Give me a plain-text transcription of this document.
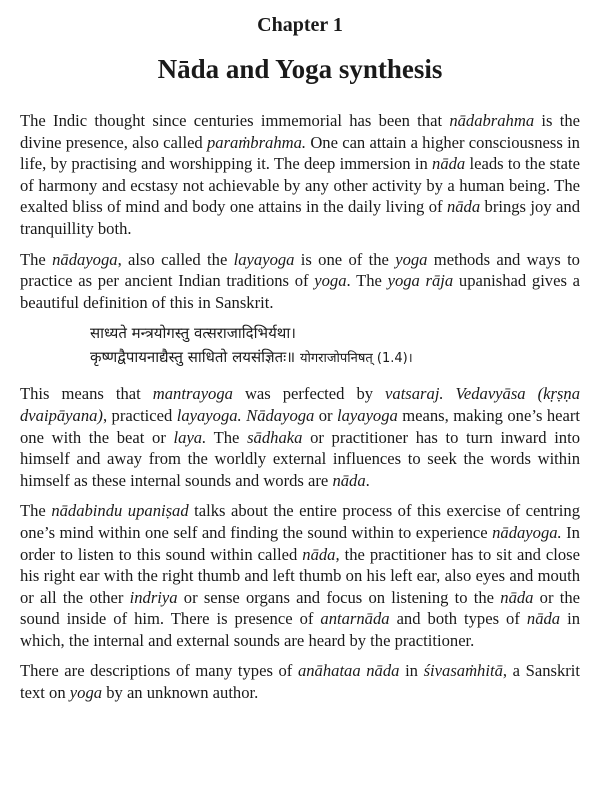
Chapter 1

Nāda and Yoga synthesis

The Indic thought since centuries immemorial has been that nādabrahma is the divine presence, also called paraṁbrahma. One can attain a higher consciousness in life, by practising and worshipping it. The deep immersion in nāda leads to the state of harmony and ecstasy not achievable by any other activity by a human being. The exalted bliss of mind and body one attains in the daily living of nāda brings joy and tranquillity both.

The nādayoga, also called the layayoga is one of the yoga methods and ways to practice as per ancient Indian traditions of yoga. The yoga rāja upanishad gives a beautiful definition of this in Sanskrit.

साध्यते मन्त्रयोगस्तु वत्सराजादिभिर्यथा।
कृष्णद्वैपायनाद्यैस्तु साधितो लयसंज्ञितः॥ योगराजोपनिषत् (1.4)।

This means that mantrayoga was perfected by vatsaraj. Vedavyāsa (kṛṣṇa dvaipāyana), practiced layayoga. Nādayoga or layayoga means, making one’s heart one with the beat or laya. The sādhaka or practitioner has to turn inward into himself and away from the worldly external influences to seek the words within himself as these internal sounds and words are nāda.

The nādabindu upaniṣad talks about the entire process of this exercise of centring one’s mind within one self and finding the sound within to experience nādayoga. In order to listen to this sound within called nāda, the practitioner has to sit and close his right ear with the right thumb and left thumb on his left ear, also eyes and mouth or all the other indriya or sense organs and focus on listening to the nāda or the sound inside of him. There is presence of antarnāda and both types of nāda in which, the internal and external sounds are heard by the practitioner.

There are descriptions of many types of anāhataa nāda in śivasaṁhitā, a Sanskrit text on yoga by an unknown author.
